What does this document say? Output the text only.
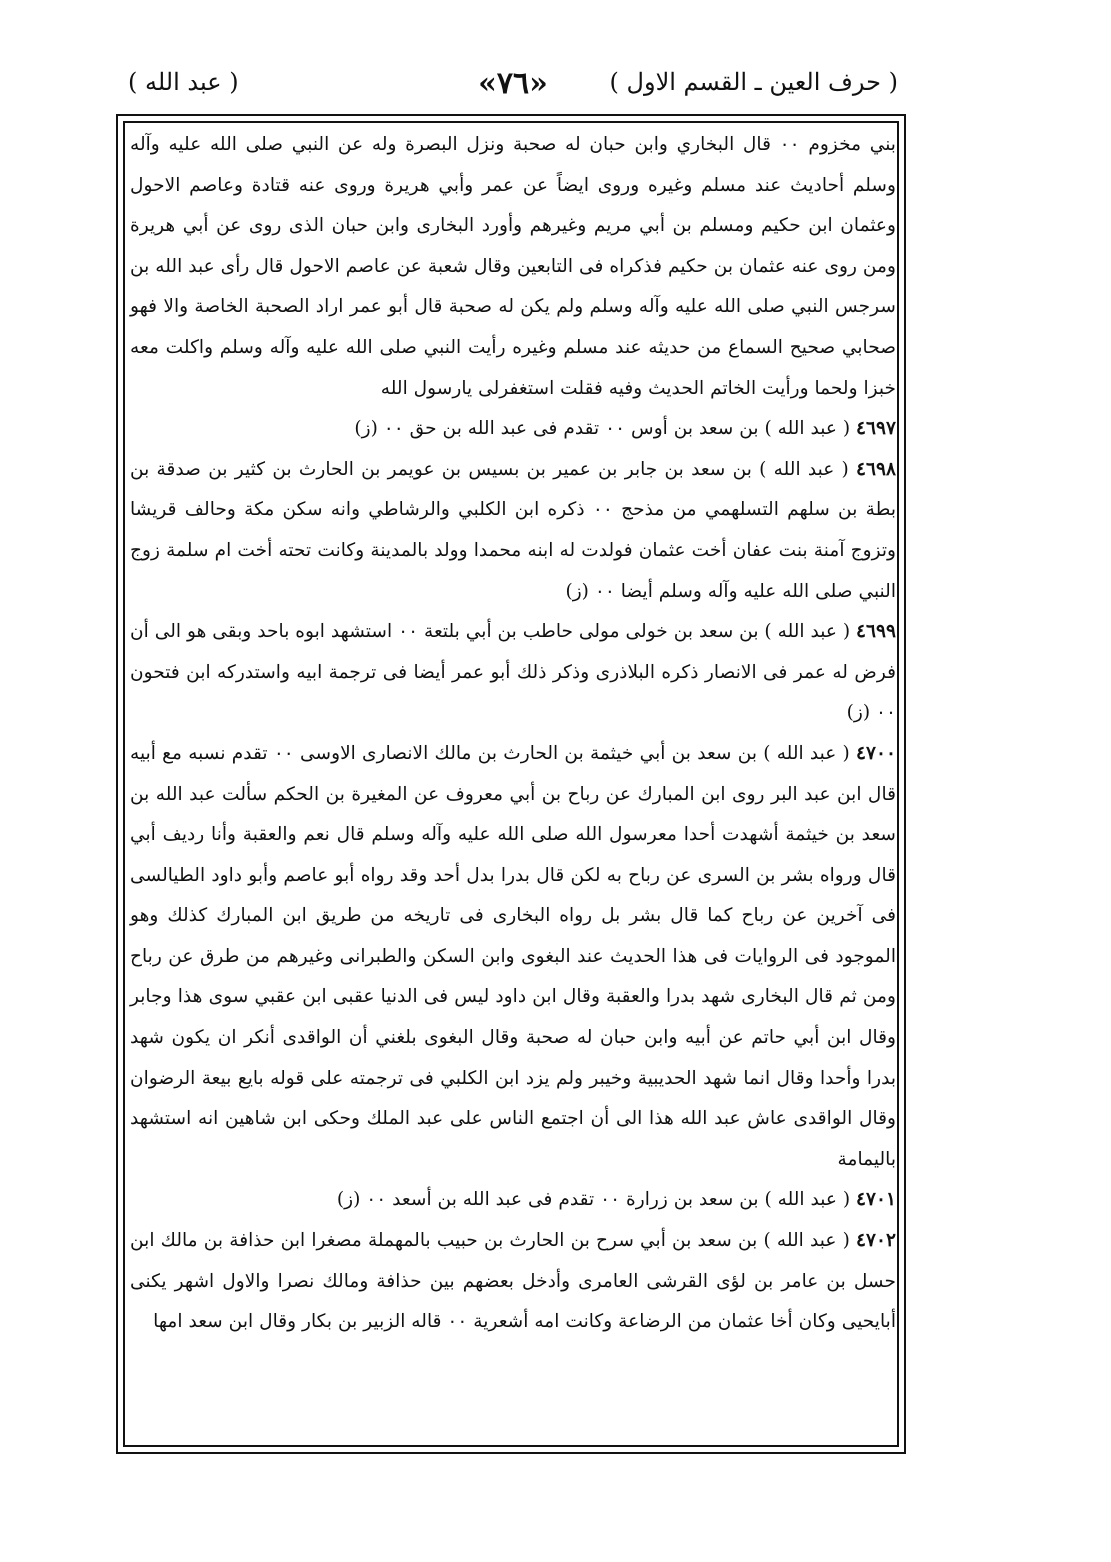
( حرف العين ـ القسم الاول )
«٧٦»
( عبد الله )

بني مخزوم ۰۰ قال البخاري وابن حبان له صحبة ونزل البصرة وله عن النبي صلى الله عليه وآله وسلم أحاديث عند مسلم وغيره وروى ايضاً عن عمر وأبي هريرة وروى عنه قتادة وعاصم الاحول وعثمان ابن حكيم ومسلم بن أبي مريم وغيرهم وأورد البخارى وابن حبان الذى روى عن أبي هريرة ومن روى عنه عثمان بن حكيم فذكراه فى التابعين وقال شعبة عن عاصم الاحول قال رأى عبد الله بن سرجس النبي صلى الله عليه وآله وسلم ولم يكن له صحبة قال أبو عمر اراد الصحبة الخاصة والا فهو صحابي صحيح السماع من حديثه عند مسلم وغيره رأيت النبي صلى الله عليه وآله وسلم واكلت معه خبزا ولحما ورأيت الخاتم الحديث وفيه فقلت استغفرلى يارسول الله

٤٦٩٧ ( عبد الله ) بن سعد بن أوس ۰۰ تقدم فى عبد الله بن حق ۰۰ (ز)

٤٦٩٨ ( عبد الله ) بن سعد بن جابر بن عمير بن بسيس بن عويمر بن الحارث بن كثير بن صدقة بن بطة بن سلهم التسلهمي من مذحج ۰۰ ذكره ابن الكلبي والرشاطي وانه سكن مكة وحالف قريشا وتزوج آمنة بنت عفان أخت عثمان فولدت له ابنه محمدا وولد بالمدينة وكانت تحته أخت ام سلمة زوج النبي صلى الله عليه وآله وسلم أيضا ۰۰ (ز)

٤٦٩٩ ( عبد الله ) بن سعد بن خولى مولى حاطب بن أبي بلتعة ۰۰ استشهد ابوه باحد وبقى هو الى أن فرض له عمر فى الانصار ذكره البلاذرى وذكر ذلك أبو عمر أيضا فى ترجمة ابيه واستدركه ابن فتحون ۰۰ (ز)

٤٧٠٠ ( عبد الله ) بن سعد بن أبي خيثمة بن الحارث بن مالك الانصارى الاوسى ۰۰ تقدم نسبه مع أبيه قال ابن عبد البر روى ابن المبارك عن رباح بن أبي معروف عن المغيرة بن الحكم سألت عبد الله بن سعد بن خيثمة أشهدت أحدا معرسول الله صلى الله عليه وآله وسلم قال نعم والعقبة وأنا رديف أبي قال ورواه بشر بن السرى عن رباح به لكن قال بدرا بدل أحد وقد رواه أبو عاصم وأبو داود الطيالسى فى آخرين عن رباح كما قال بشر بل رواه البخارى فى تاريخه من طريق ابن المبارك كذلك وهو الموجود فى الروايات فى هذا الحديث عند البغوى وابن السكن والطبرانى وغيرهم من طرق عن رباح ومن ثم قال البخارى شهد بدرا والعقبة وقال ابن داود ليس فى الدنيا عقبى ابن عقبي سوى هذا وجابر وقال ابن أبي حاتم عن أبيه وابن حبان له صحبة وقال البغوى بلغني أن الواقدى أنكر ان يكون شهد بدرا وأحدا وقال انما شهد الحديبية وخيبر ولم يزد ابن الكلبي فى ترجمته على قوله بايع بيعة الرضوان وقال الواقدى عاش عبد الله هذا الى أن اجتمع الناس على عبد الملك وحكى ابن شاهين انه استشهد باليمامة

٤٧٠١ ( عبد الله ) بن سعد بن زرارة ۰۰ تقدم فى عبد الله بن أسعد ۰۰ (ز)

٤٧٠٢ ( عبد الله ) بن سعد بن أبي سرح بن الحارث بن حبيب بالمهملة مصغرا ابن حذافة بن مالك ابن حسل بن عامر بن لؤى القرشى العامرى وأدخل بعضهم بين حذافة ومالك نصرا والاول اشهر يكنى أبايحيى وكان أخا عثمان من الرضاعة وكانت امه أشعرية ۰۰ قاله الزبير بن بكار وقال ابن سعد امها
